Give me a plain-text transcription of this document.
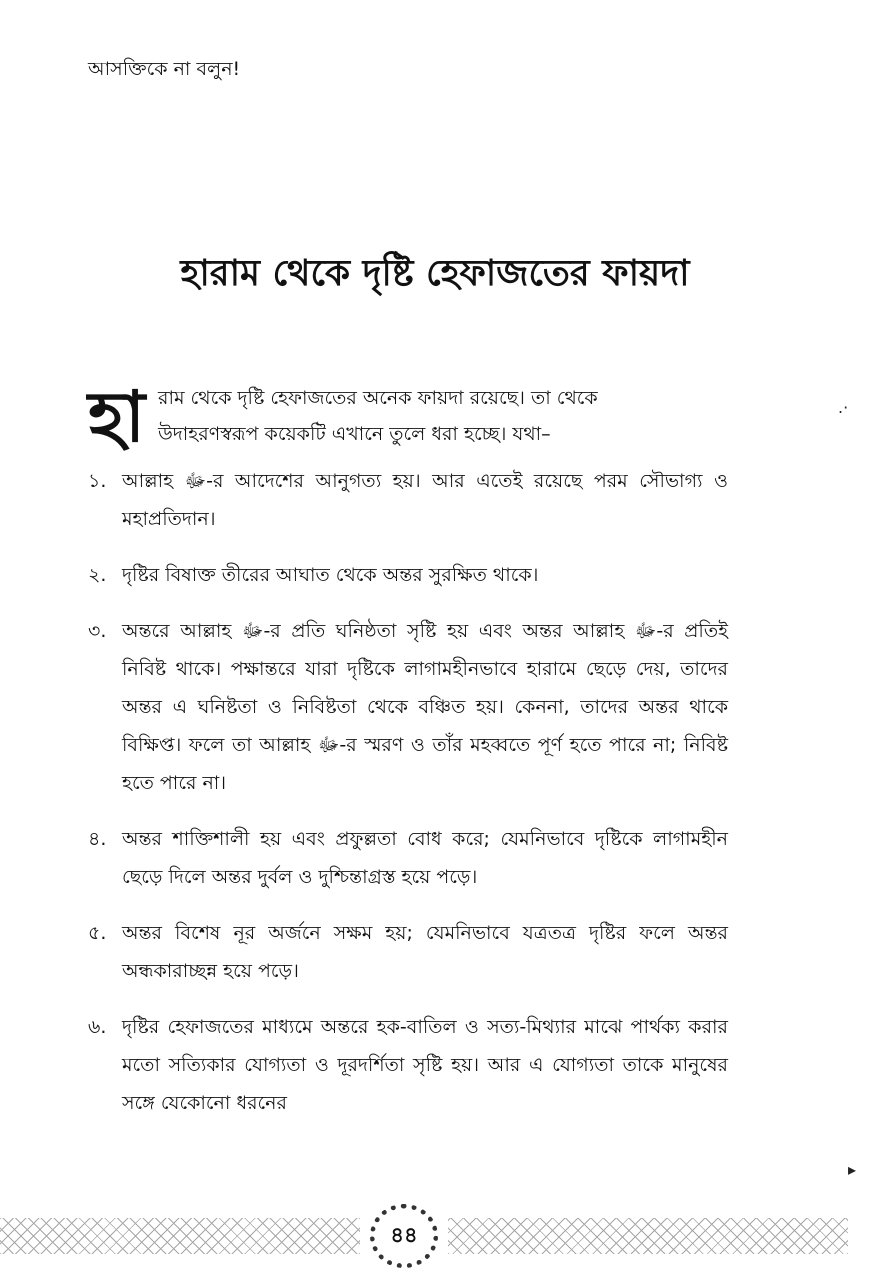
আসক্তিকে না বলুন!
হারাম থেকে দৃষ্টি হেফাজতের ফায়দা
হা রাম থেকে দৃষ্টি হেফাজতের অনেক ফায়দা রয়েছে। তা থেকে
উদাহরণস্বরূপ কয়েকটি এখানে তুলে ধরা হচ্ছে। যথা–
১. আল্লাহ ﷻ-র আদেশের আনুগত্য হয়। আর এতেই রয়েছে পরম সৌভাগ্য ও মহাপ্রতিদান।
২. দৃষ্টির বিষাক্ত তীরের আঘাত থেকে অন্তর সুরক্ষিত থাকে।
৩. অন্তরে আল্লাহ ﷻ-র প্রতি ঘনিষ্ঠতা সৃষ্টি হয় এবং অন্তর আল্লাহ ﷻ-র প্রতিই নিবিষ্ট থাকে। পক্ষান্তরে যারা দৃষ্টিকে লাগামহীনভাবে হারামে ছেড়ে দেয়, তাদের অন্তর এ ঘনিষ্টতা ও নিবিষ্টতা থেকে বঞ্চিত হয়। কেননা, তাদের অন্তর থাকে বিক্ষিপ্ত। ফলে তা আল্লাহ ﷻ-র স্মরণ ও তাঁর মহব্বতে পূর্ণ হতে পারে না; নিবিষ্ট হতে পারে না।
৪. অন্তর শাক্তিশালী হয় এবং প্রফুল্লতা বোধ করে; যেমনিভাবে দৃষ্টিকে লাগামহীন ছেড়ে দিলে অন্তর দুর্বল ও দুশ্চিন্তাগ্রস্ত হয়ে পড়ে।
৫. অন্তর বিশেষ নূর অর্জনে সক্ষম হয়; যেমনিভাবে যত্রতত্র দৃষ্টির ফলে অন্তর অন্ধকারাচ্ছন্ন হয়ে পড়ে।
৬. দৃষ্টির হেফাজতের মাধ্যমে অন্তরে হক-বাতিল ও সত্য-মিথ্যার মাঝে পার্থক্য করার মতো সত্যিকার যোগ্যতা ও দূরদর্শিতা সৃষ্টি হয়। আর এ যোগ্যতা তাকে মানুষের সঙ্গে যেকোনো ধরনের
.·
▸
৪৪
